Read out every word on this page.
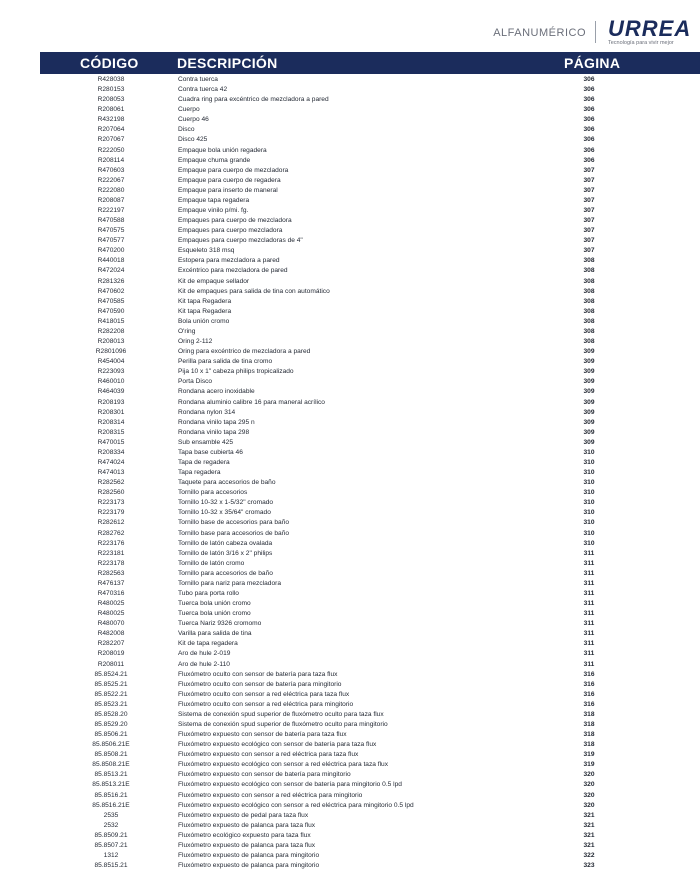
ALFANUMÉRICO URREA
Tecnología para vivir mejor
CÓDIGO	DESCRIPCIÓN	PÁGINA
R428038	Contra tuerca	306
R280153	Contra tuerca 42	306
R208053	Cuadra ring para excéntrico de mezcladora a pared	306
R208061	Cuerpo	306
R432198	Cuerpo 46	306
R207064	Disco	306
R207067	Disco 425	306
R222050	Empaque bola unión regadera	306
R208114	Empaque chuma grande	306
R470603	Empaque para cuerpo de mezcladora	307
R222067	Empaque para cuerpo de regadera	307
R222080	Empaque para inserto de maneral	307
R208087	Empaque tapa regadera	307
R222197	Empaque vinilo p/mi. fg.	307
R470588	Empaques para cuerpo de mezcladora	307
R470575	Empaques para cuerpo mezcladora	307
R470577	Empaques para cuerpo mezcladoras de 4"	307
R470200	Esqueleto 318 msq	307
R440018	Estopera para mezcladora a pared	308
R472024	Excéntrico para mezcladora de pared	308
R281326	Kit de empaque sellador	308
R470602	Kit de empaques para salida de tina con automático	308
R470585	Kit tapa Regadera	308
R470590	Kit tapa Regadera	308
R418015	Bola unión cromo	308
R282208	O'ring	308
R208013	Oring 2-112	308
R2801096	Oring para excéntrico de mezcladora a pared	309
R454004	Perilla para salida de tina cromo	309
R223093	Pija 10 x 1" cabeza philips tropicalizado	309
R460010	Porta Disco	309
R464039	Rondana acero inoxidable	309
R208193	Rondana aluminio calibre 16 para maneral acrílico	309
R208301	Rondana nylon 314	309
R208314	Rondana vinilo tapa 295 n	309
R208315	Rondana vinilo tapa 298	309
R470015	Sub ensamble 425	309
R208334	Tapa base cubierta 46	310
R474024	Tapa de regadera	310
R474013	Tapa regadera	310
R282562	Taquete para accesorios de baño	310
R282560	Tornillo para accesorios	310
R223173	Tornillo 10-32 x 1-5/32" cromado	310
R223179	Tornillo 10-32 x 35/64" cromado	310
R282612	Tornillo base de accesorios para baño	310
R282762	Tornillo base para accesorios de baño	310
R223176	Tornillo de latón cabeza ovalada	310
R223181	Tornillo de latón 3/16 x 2" philips	311
R223178	Tornillo de latón cromo	311
R282563	Tornillo para accesorios de baño	311
R476137	Tornillo para nariz para mezcladora	311
R470316	Tubo para porta rollo	311
R480025	Tuerca bola unión cromo	311
R480025	Tuerca bola unión cromo	311
R480070	Tuerca Nariz 9326 cromomo	311
R482008	Varilla para salida de tina	311
R282207	Kit de tapa regadera	311
R208019	Aro de hule 2-019	311
R208011	Aro de hule 2-110	311
85.8524.21	Fluxómetro oculto con sensor de batería para taza flux	316
85.8525.21	Fluxómetro oculto con sensor de batería para mingitorio	316
85.8522.21	Fluxómetro oculto con sensor a red eléctrica para taza flux	316
85.8523.21	Fluxómetro oculto con sensor a red eléctrica para mingitorio	316
85.8528.20	Sistema de conexión spud superior de fluxómetro oculto para taza flux	318
85.8529.20	Sistema de conexión spud superior de fluxómetro oculto para mingitorio	318
85.8506.21	Fluxómetro expuesto con sensor de batería para taza flux	318
85.8506.21E	Fluxómetro expuesto ecológico con sensor de batería para taza flux	318
85.8508.21	Fluxómetro expuesto con sensor a red eléctrica para taza flux	319
85.8508.21E	Fluxómetro expuesto ecológico con sensor a red eléctrica para taza flux	319
85.8513.21	Fluxómetro expuesto con sensor de batería para mingitorio	320
85.8513.21E	Fluxómetro expuesto ecológico con sensor de batería para mingitorio 0.5 lpd	320
85.8516.21	Fluxómetro expuesto con sensor a red eléctrica para mingitorio	320
85.8516.21E	Fluxómetro expuesto ecológico con sensor a red eléctrica para mingitorio 0.5 lpd	320
2535	Fluxómetro expuesto de pedal para taza flux	321
2532	Fluxómetro expuesto de palanca para taza flux	321
85.8509.21	Fluxómetro ecológico expuesto para taza flux	321
85.8507.21	Fluxómetro expuesto de palanca para taza flux	321
1312	Fluxómetro expuesto de palanca para mingitorio	322
85.8515.21	Fluxómetro expuesto de palanca para mingitorio	323
